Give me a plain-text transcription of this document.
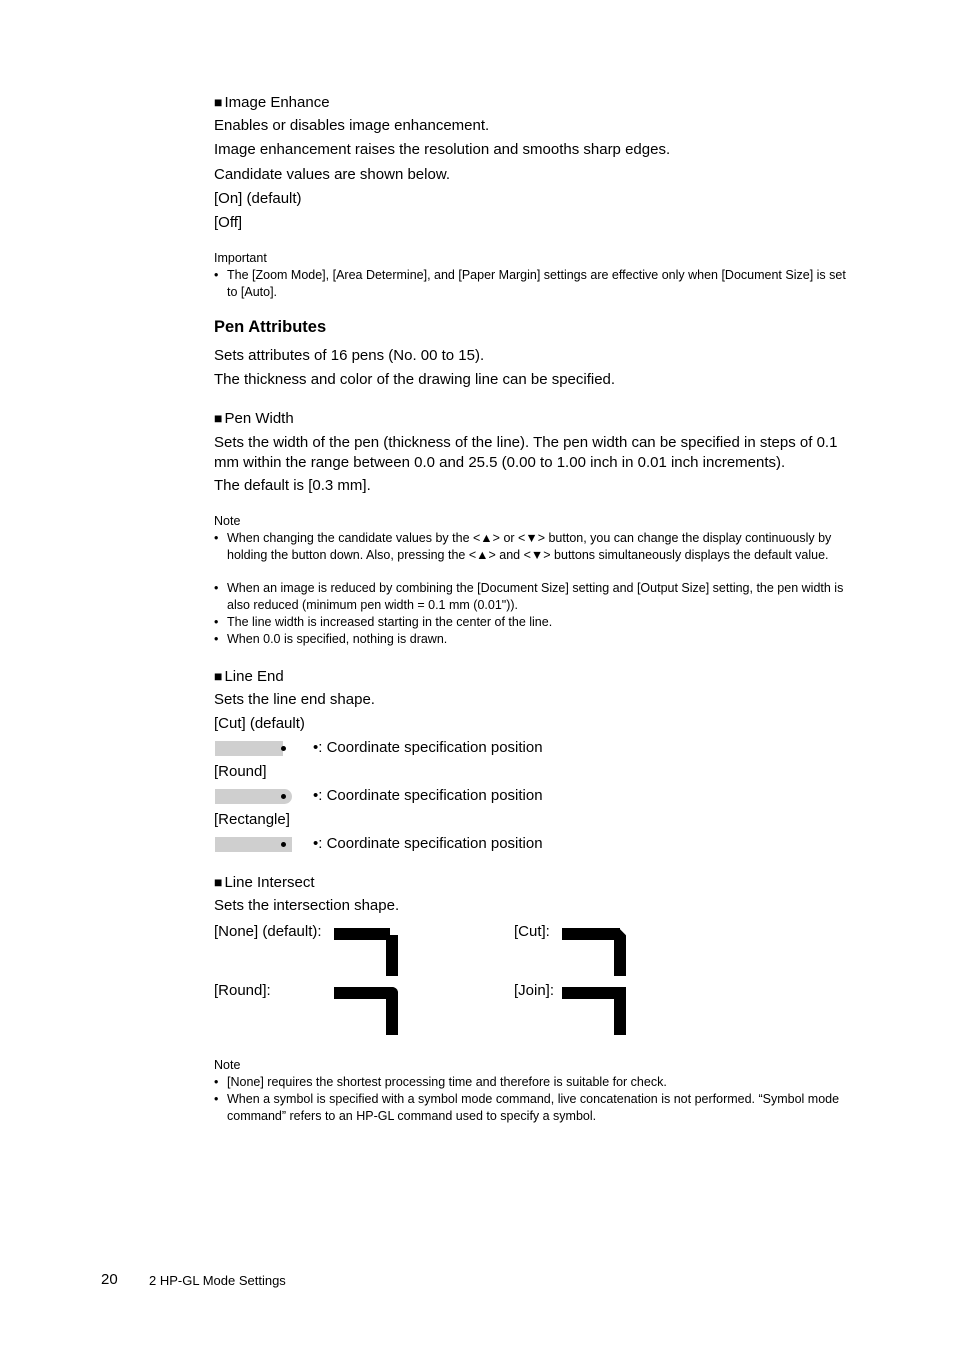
■ Image Enhance
Enables or disables image enhancement.
Image enhancement raises the resolution and smooths sharp edges.
Candidate values are shown below.
[On] (default)
[Off]
Important
• The [Zoom Mode], [Area Determine], and [Paper Margin] settings are effective only when [Document Size] is set to [Auto].
Pen Attributes
Sets attributes of 16 pens (No. 00 to 15).
The thickness and color of the drawing line can be specified.
■ Pen Width
Sets the width of the pen (thickness of the line). The pen width can be specified in steps of 0.1 mm within the range between 0.0 and 25.5 (0.00 to 1.00 inch in 0.01 inch increments).
The default is [0.3 mm].
Note
• When changing the candidate values by the <▲> or <▼> button, you can change the display continuously by holding the button down. Also, pressing the <▲> and <▼> buttons simultaneously displays the default value.
• When an image is reduced by combining the [Document Size] setting and [Output Size] setting, the pen width is also reduced (minimum pen width = 0.1 mm (0.01")).
• The line width is increased starting in the center of the line.
• When 0.0 is specified, nothing is drawn.
■ Line End
Sets the line end shape.
[Cut] (default)
•: Coordinate specification position
[Round]
•: Coordinate specification position
[Rectangle]
•: Coordinate specification position
■ Line Intersect
Sets the intersection shape.
[None] (default):	[Cut]:
[Round]:	[Join]:
Note
• [None] requires the shortest processing time and therefore is suitable for check.
• When a symbol is specified with a symbol mode command, live concatenation is not performed. “Symbol mode command” refers to an HP-GL command used to specify a symbol.
20 2 HP-GL Mode Settings
